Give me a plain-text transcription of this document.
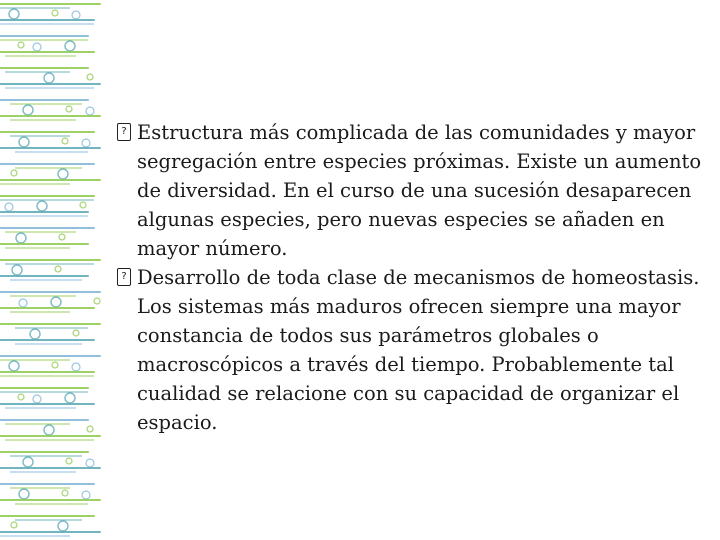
?
Estructura más complicada de las comunidades y mayor segregación entre especies próximas. Existe un aumento de diversidad. En el curso de una sucesión desaparecen algunas especies, pero nuevas especies se añaden en mayor número.

?
Desarrollo de toda clase de mecanismos de homeostasis. Los sistemas más maduros ofrecen siempre una mayor constancia de todos sus parámetros globales o macroscópicos a través del tiempo. Probablemente tal cualidad se relacione con su capacidad de organizar el espacio.
